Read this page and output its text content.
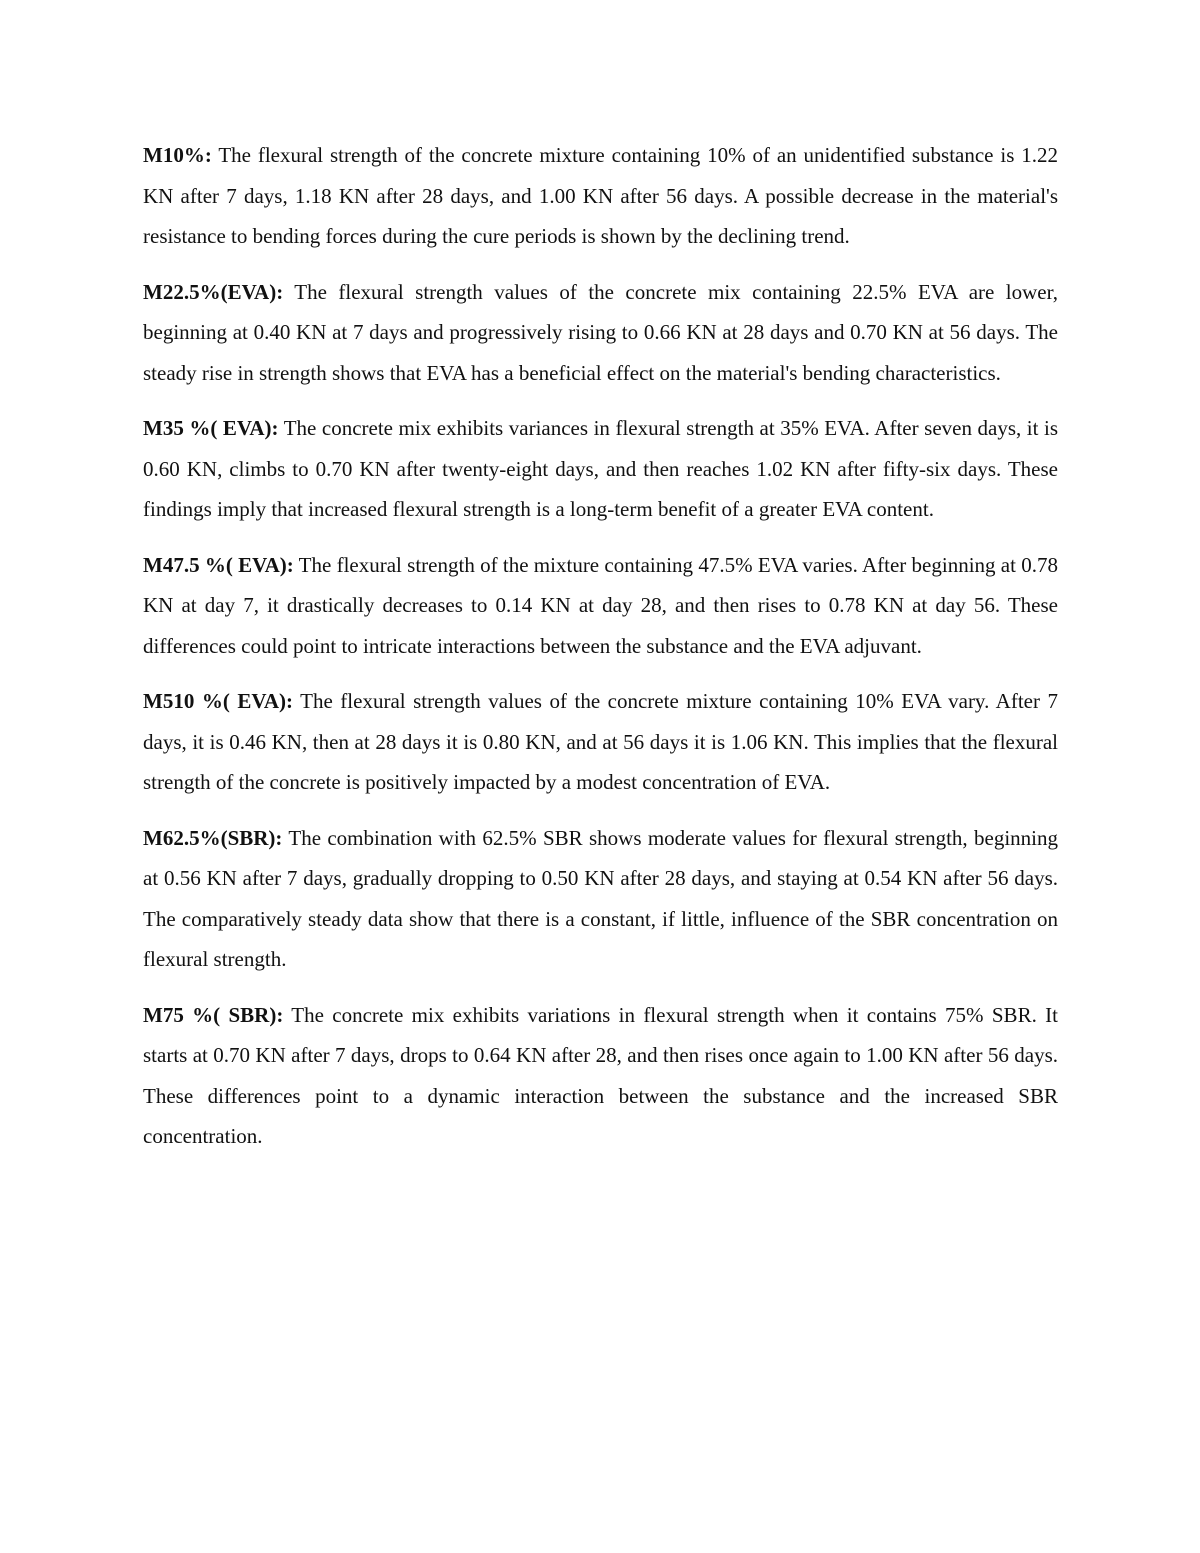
M10%: The flexural strength of the concrete mixture containing 10% of an unidentified substance is 1.22 KN after 7 days, 1.18 KN after 28 days, and 1.00 KN after 56 days. A possible decrease in the material's resistance to bending forces during the cure periods is shown by the declining trend.

M22.5%(EVA): The flexural strength values of the concrete mix containing 22.5% EVA are lower, beginning at 0.40 KN at 7 days and progressively rising to 0.66 KN at 28 days and 0.70 KN at 56 days. The steady rise in strength shows that EVA has a beneficial effect on the material's bending characteristics.

M35 %( EVA): The concrete mix exhibits variances in flexural strength at 35% EVA. After seven days, it is 0.60 KN, climbs to 0.70 KN after twenty-eight days, and then reaches 1.02 KN after fifty-six days. These findings imply that increased flexural strength is a long-term benefit of a greater EVA content.

M47.5 %( EVA): The flexural strength of the mixture containing 47.5% EVA varies. After beginning at 0.78 KN at day 7, it drastically decreases to 0.14 KN at day 28, and then rises to 0.78 KN at day 56. These differences could point to intricate interactions between the substance and the EVA adjuvant.

M510 %( EVA): The flexural strength values of the concrete mixture containing 10% EVA vary. After 7 days, it is 0.46 KN, then at 28 days it is 0.80 KN, and at 56 days it is 1.06 KN. This implies that the flexural strength of the concrete is positively impacted by a modest concentration of EVA.

M62.5%(SBR): The combination with 62.5% SBR shows moderate values for flexural strength, beginning at 0.56 KN after 7 days, gradually dropping to 0.50 KN after 28 days, and staying at 0.54 KN after 56 days. The comparatively steady data show that there is a constant, if little, influence of the SBR concentration on flexural strength.

M75 %( SBR): The concrete mix exhibits variations in flexural strength when it contains 75% SBR. It starts at 0.70 KN after 7 days, drops to 0.64 KN after 28, and then rises once again to 1.00 KN after 56 days. These differences point to a dynamic interaction between the substance and the increased SBR concentration.
